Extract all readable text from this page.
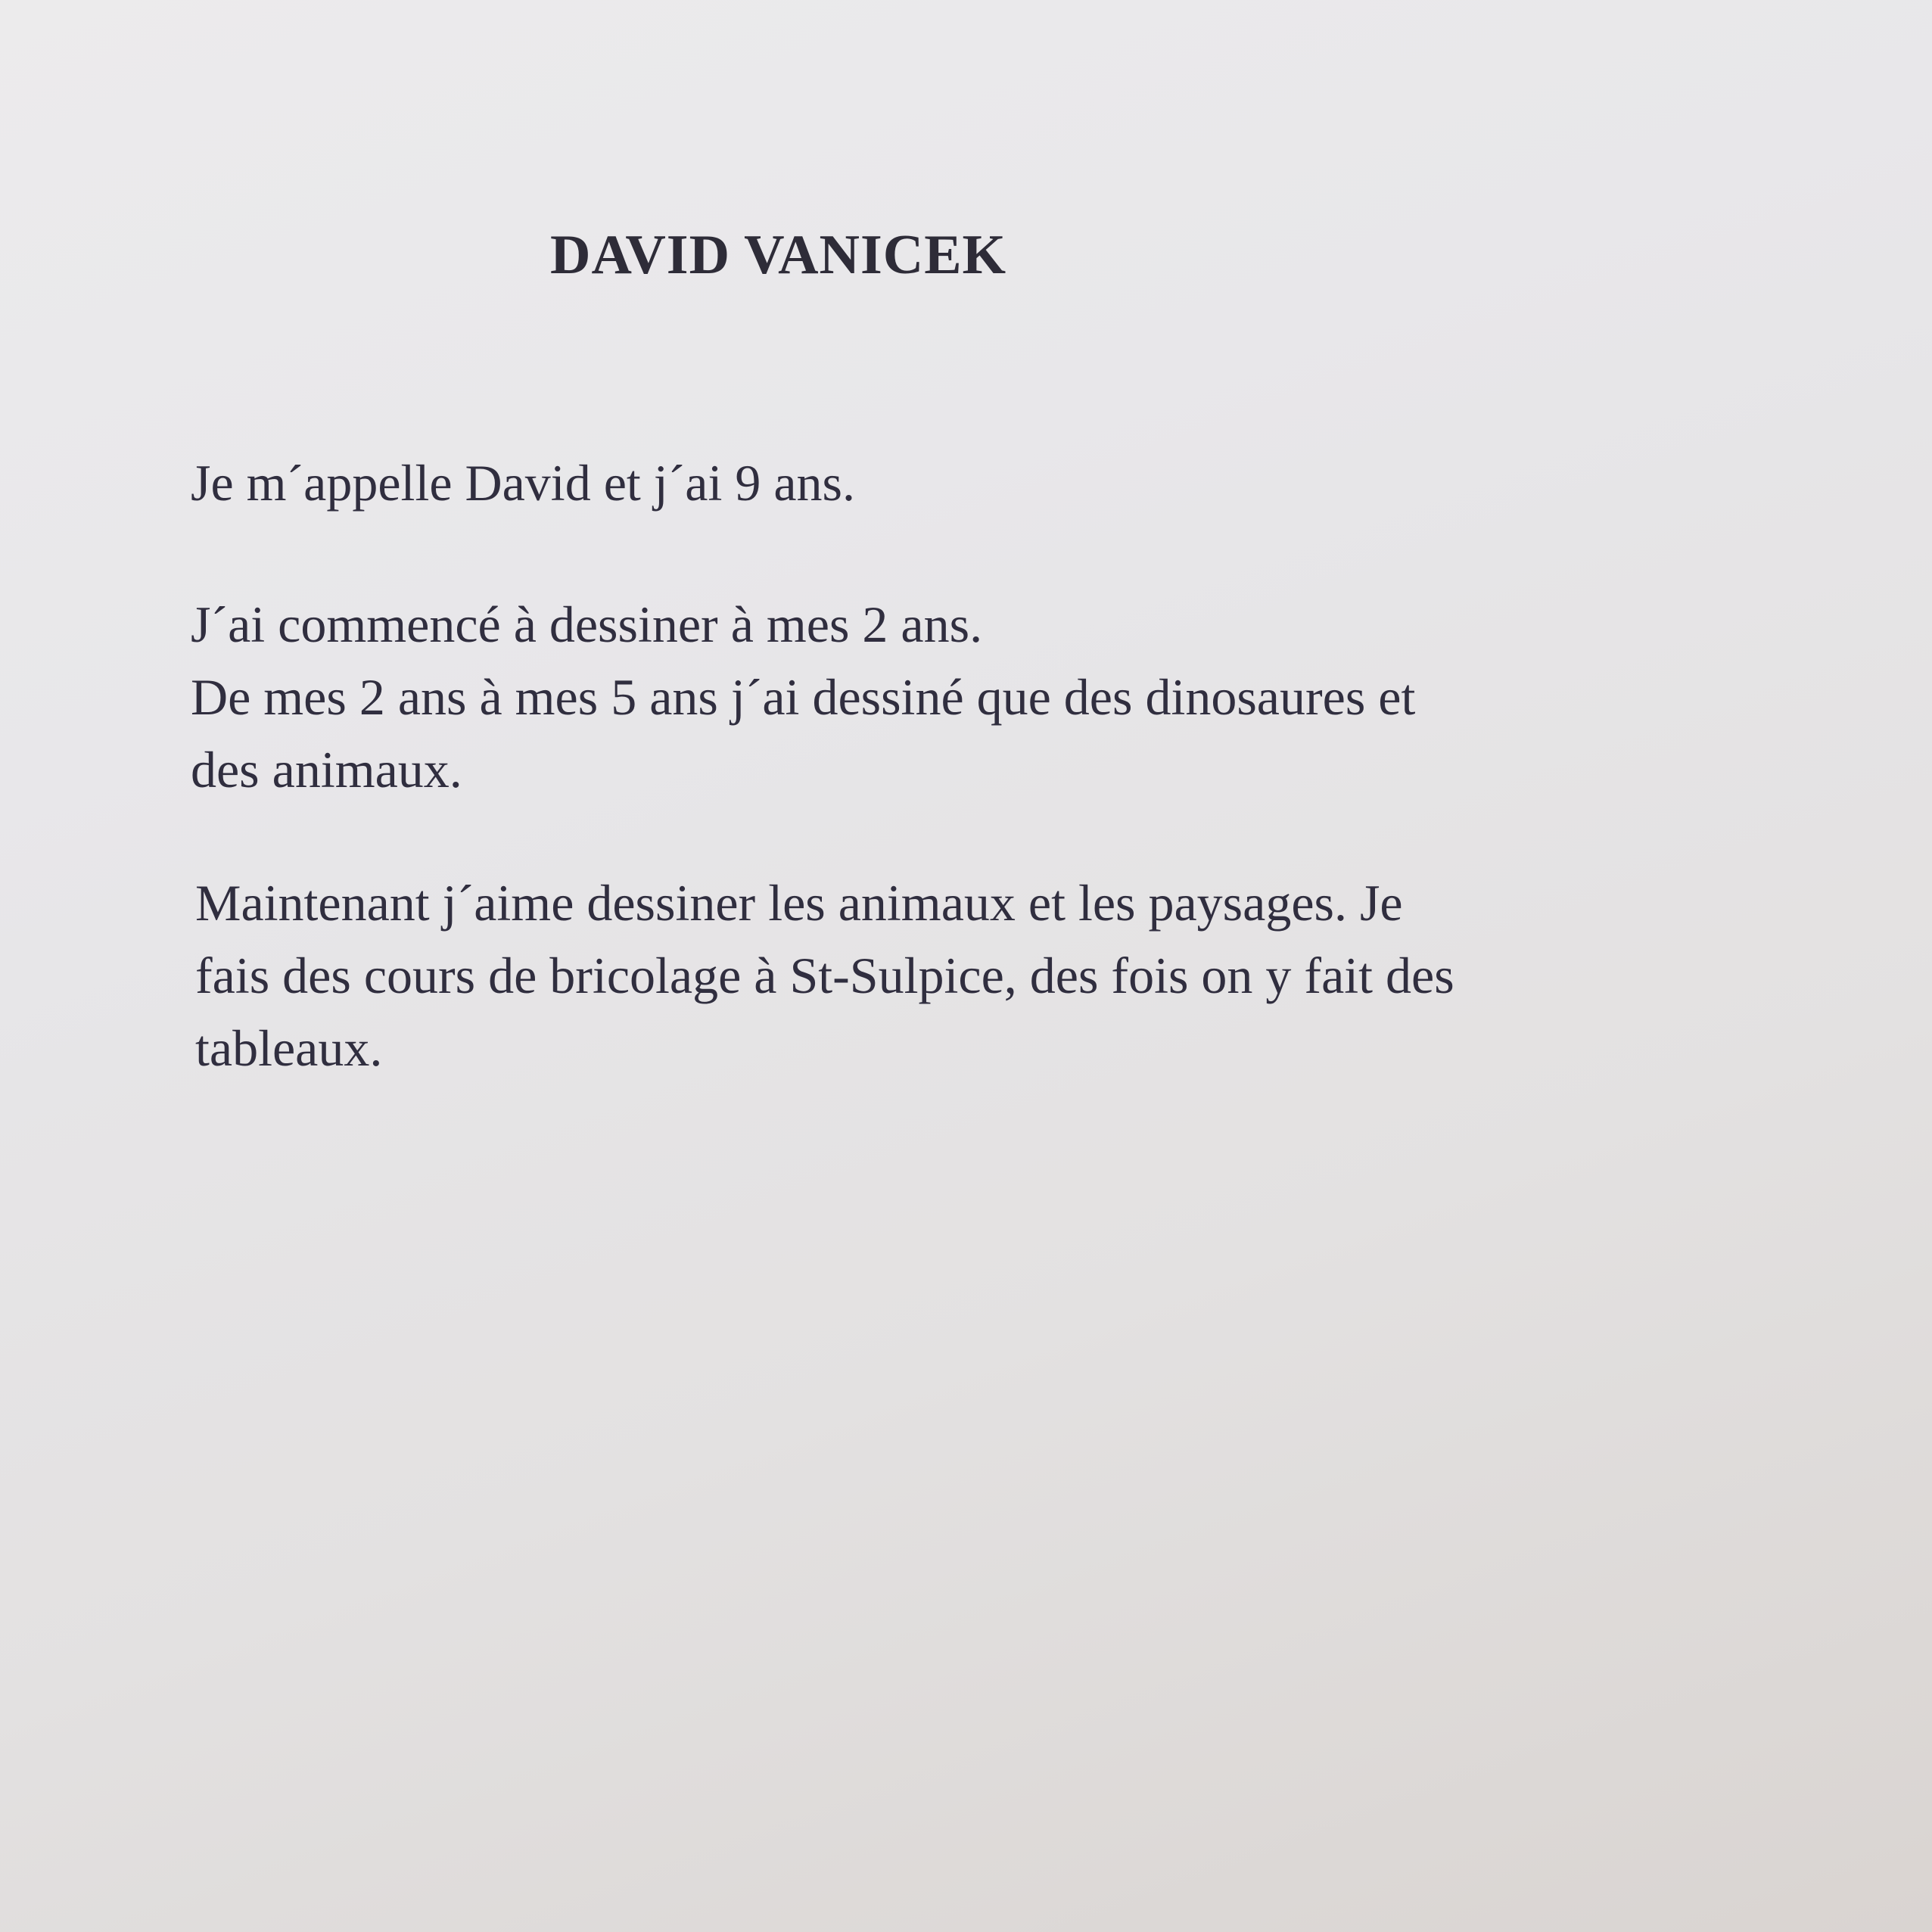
DAVID VANICEK

Je m´appelle David et j´ai 9 ans.

J´ai commencé à dessiner à mes 2 ans.
De mes 2 ans à mes 5 ans j´ai dessiné que des dinosaures et
des animaux.

Maintenant j´aime dessiner les animaux et les paysages. Je
fais des cours de bricolage à St-Sulpice, des fois on y fait des
tableaux.
